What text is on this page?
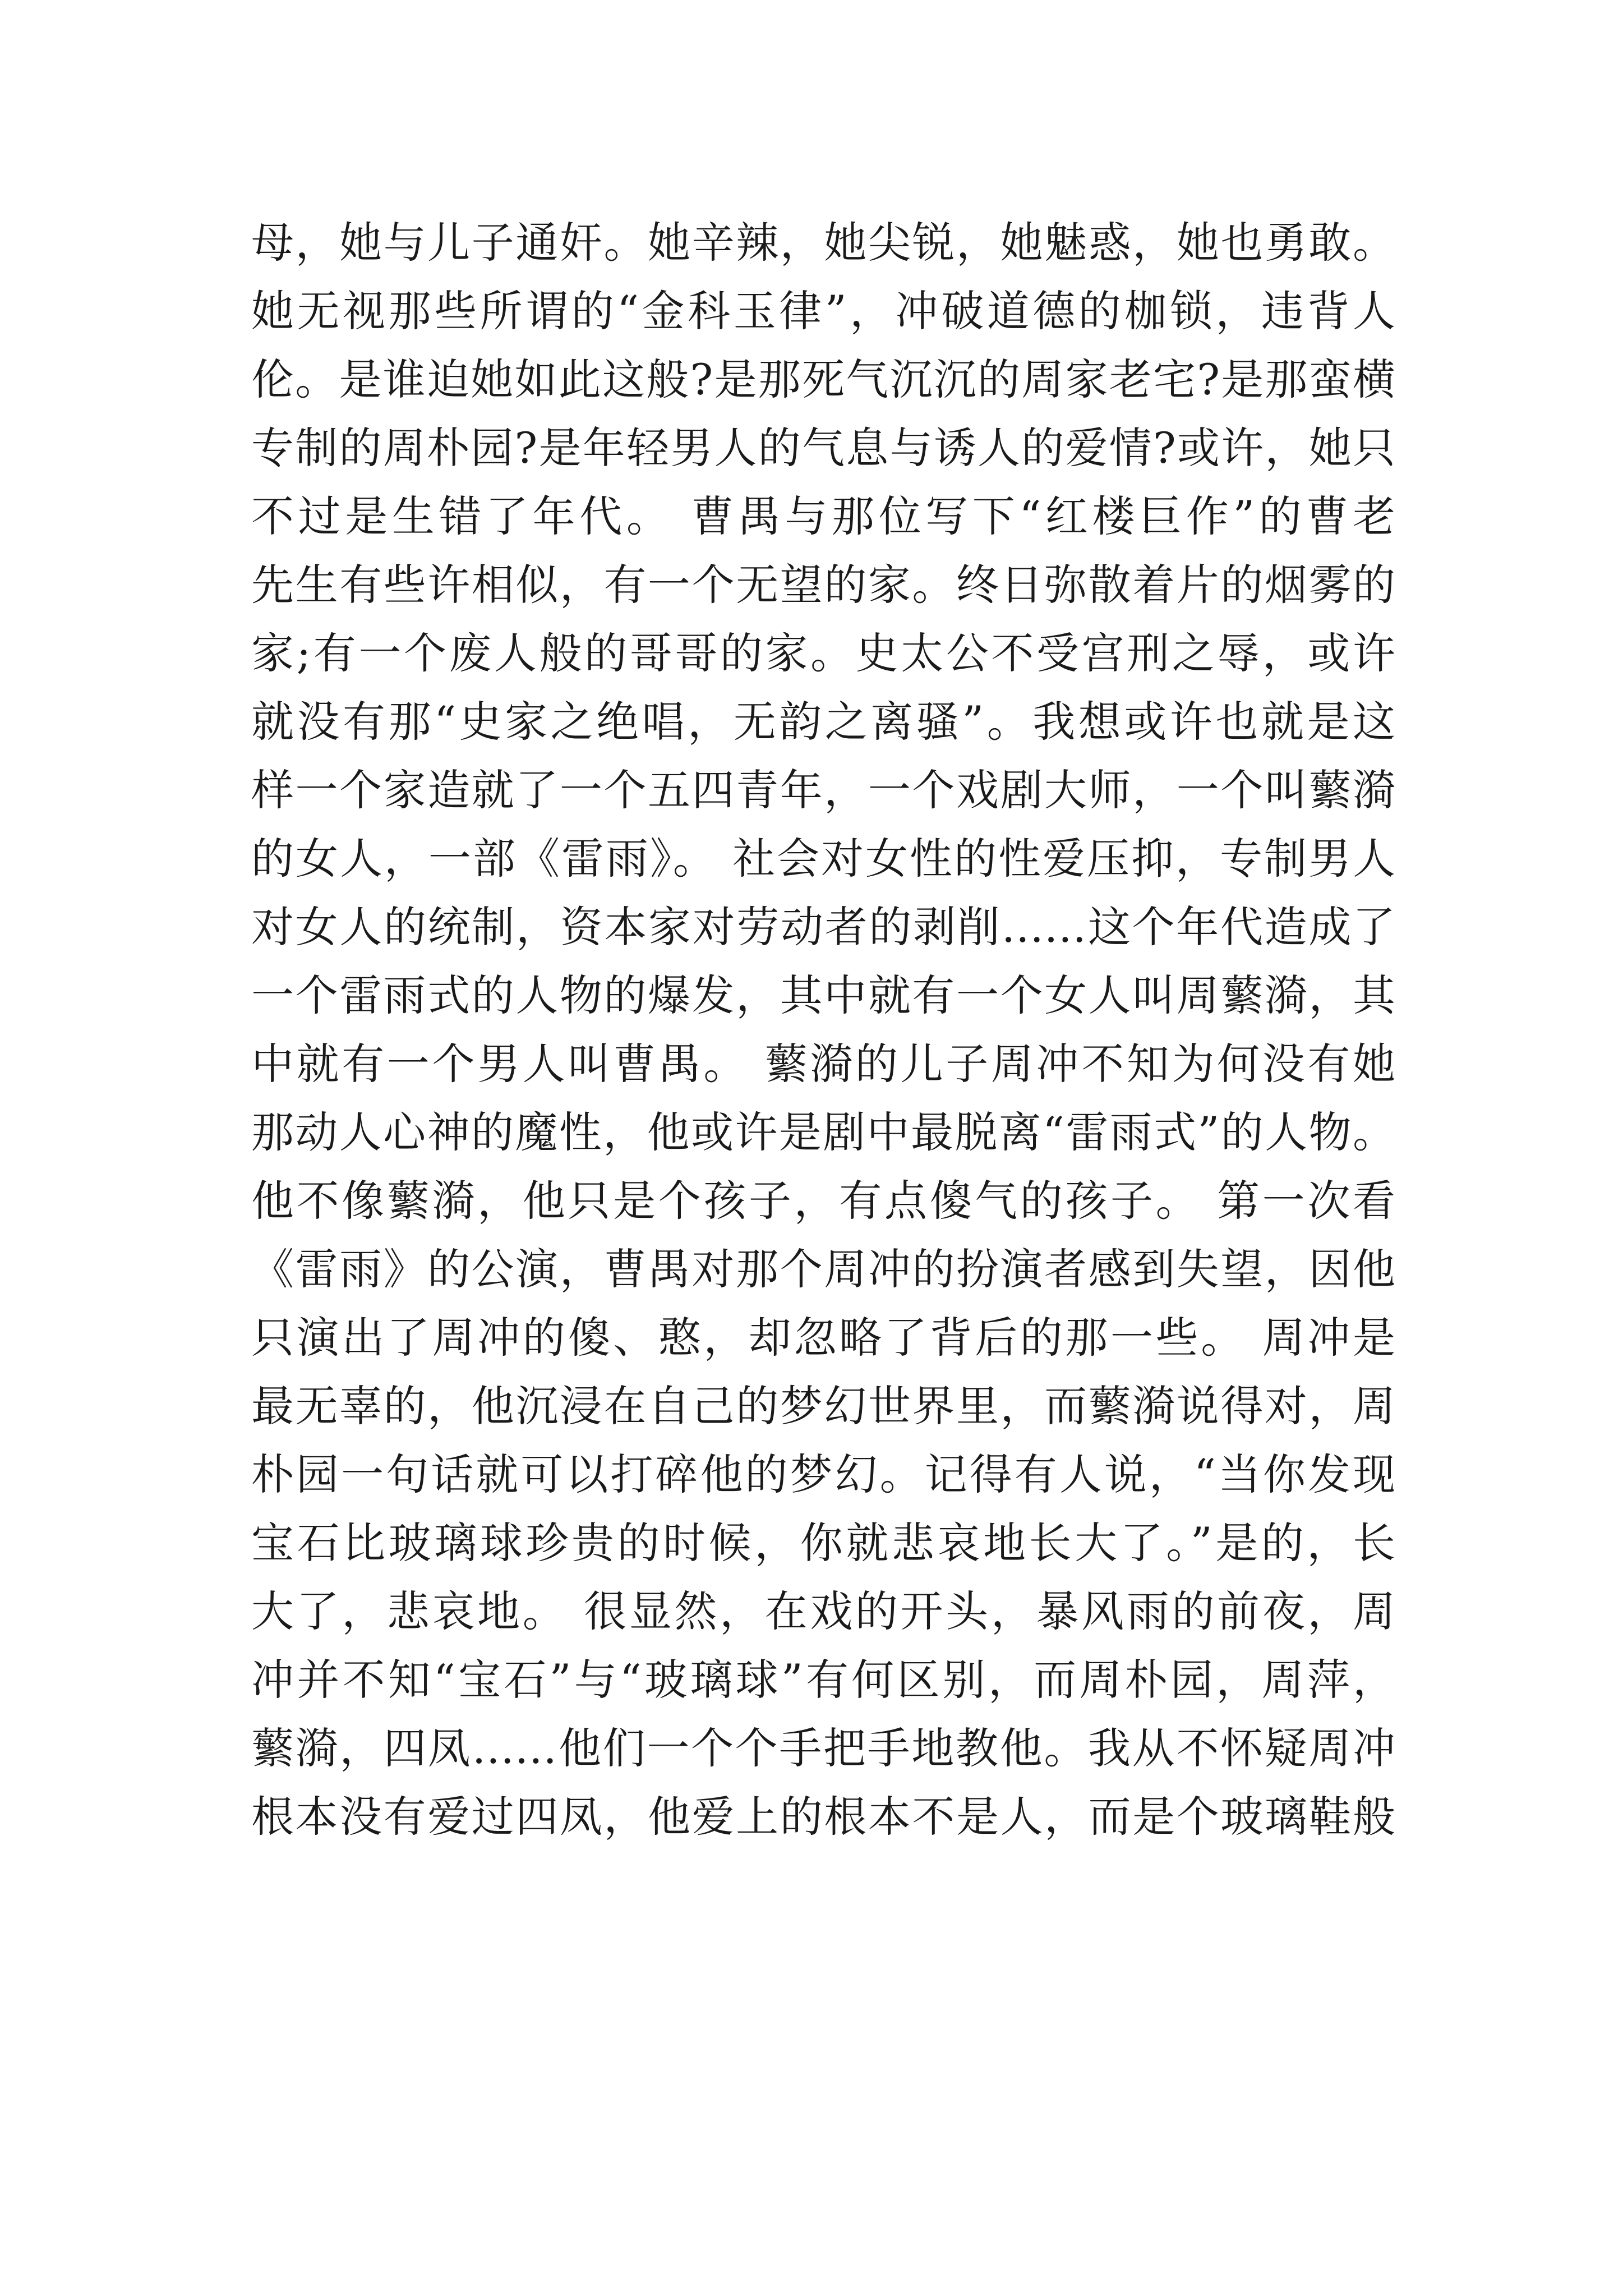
母，她与儿子通奸。她辛辣，她尖锐，她魅惑，她也勇敢。
她无视那些所谓的“金科玉律”，冲破道德的枷锁，违背人
伦。是谁迫她如此这般?是那死气沉沉的周家老宅?是那蛮横
专制的周朴园?是年轻男人的气息与诱人的爱情?或许，她只
不过是生错了年代。 曹禺与那位写下“红楼巨作”的曹老
先生有些许相似，有一个无望的家。终日弥散着片的烟雾的
家;有一个废人般的哥哥的家。史太公不受宫刑之辱，或许
就没有那“史家之绝唱，无韵之离骚”。我想或许也就是这
样一个家造就了一个五四青年，一个戏剧大师，一个叫蘩漪
的女人，一部《雷雨》。 社会对女性的性爱压抑，专制男人
对女人的统制，资本家对劳动者的剥削……这个年代造成了
一个雷雨式的人物的爆发，其中就有一个女人叫周蘩漪，其
中就有一个男人叫曹禺。 蘩漪的儿子周冲不知为何没有她
那动人心神的魔性，他或许是剧中最脱离“雷雨式”的人物。
他不像蘩漪，他只是个孩子，有点傻气的孩子。 第一次看
《雷雨》的公演，曹禺对那个周冲的扮演者感到失望，因他
只演出了周冲的傻、憨，却忽略了背后的那一些。 周冲是
最无辜的，他沉浸在自己的梦幻世界里，而蘩漪说得对，周
朴园一句话就可以打碎他的梦幻。记得有人说，“当你发现
宝石比玻璃球珍贵的时候，你就悲哀地长大了。”是的，长
大了，悲哀地。 很显然，在戏的开头，暴风雨的前夜，周
冲并不知“宝石”与“玻璃球”有何区别，而周朴园，周萍，
蘩漪，四凤……他们一个个手把手地教他。我从不怀疑周冲
根本没有爱过四凤，他爱上的根本不是人，而是个玻璃鞋般
